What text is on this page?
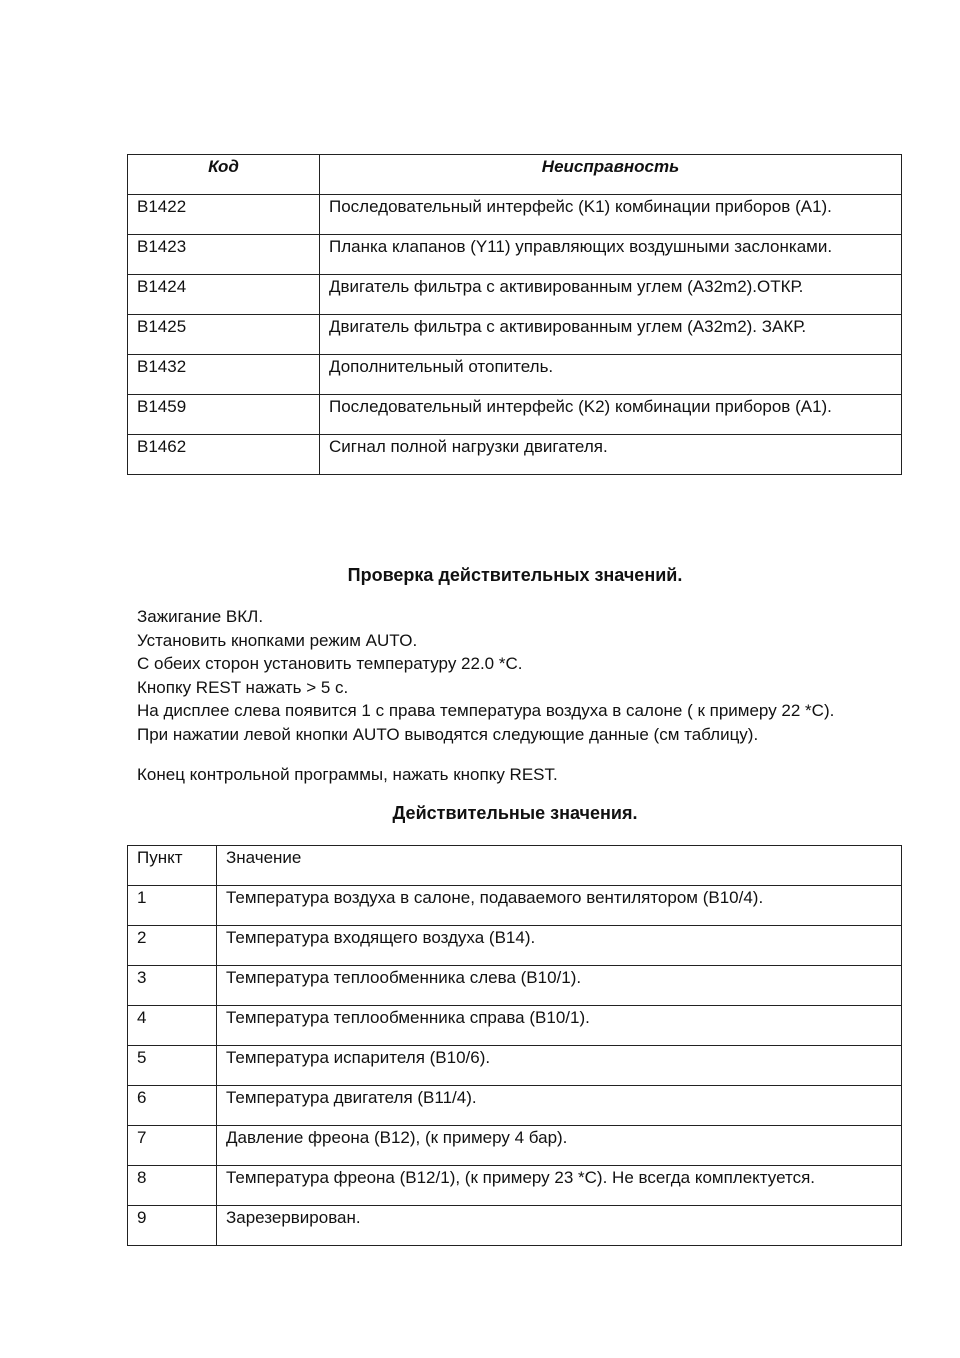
Код	Неисправность
B1422	Последовательный интерфейс (K1) комбинации приборов (A1).
B1423	Планка клапанов (Y11) управляющих воздушными заслонками.
B1424	Двигатель фильтра с активированным углем (A32m2).ОТКР.
B1425	Двигатель фильтра с активированным углем (A32m2). ЗАКР.
B1432	Дополнительный отопитель.
B1459	Последовательный интерфейс (K2) комбинации приборов (A1).
B1462	Сигнал полной нагрузки двигателя.
Проверка действительных значений.
Зажигание ВКЛ.
Установить кнопками режим AUTO.
С обеих сторон установить температуру 22.0 *C.
Кнопку REST нажать > 5 c.
На дисплее слева появится 1 с права температура воздуха в салоне ( к примеру 22 *C).
При нажатии левой кнопки AUTO выводятся следующие данные (см таблицу).
Конец контрольной программы, нажать кнопку REST.
Действительные значения.
Пункт	Значение
1	Температура воздуха в салоне, подаваемого вентилятором (B10/4).
2	Температура входящего воздуха (B14).
3	Температура теплообменника слева (B10/1).
4	Температура теплообменника справа (B10/1).
5	Температура испарителя (B10/6).
6	Температура двигателя (B11/4).
7	Давление фреона (B12), (к примеру 4 бар).
8	Температура фреона (B12/1), (к примеру 23 *C). Не всегда комплектуется.
9	Зарезервирован.
